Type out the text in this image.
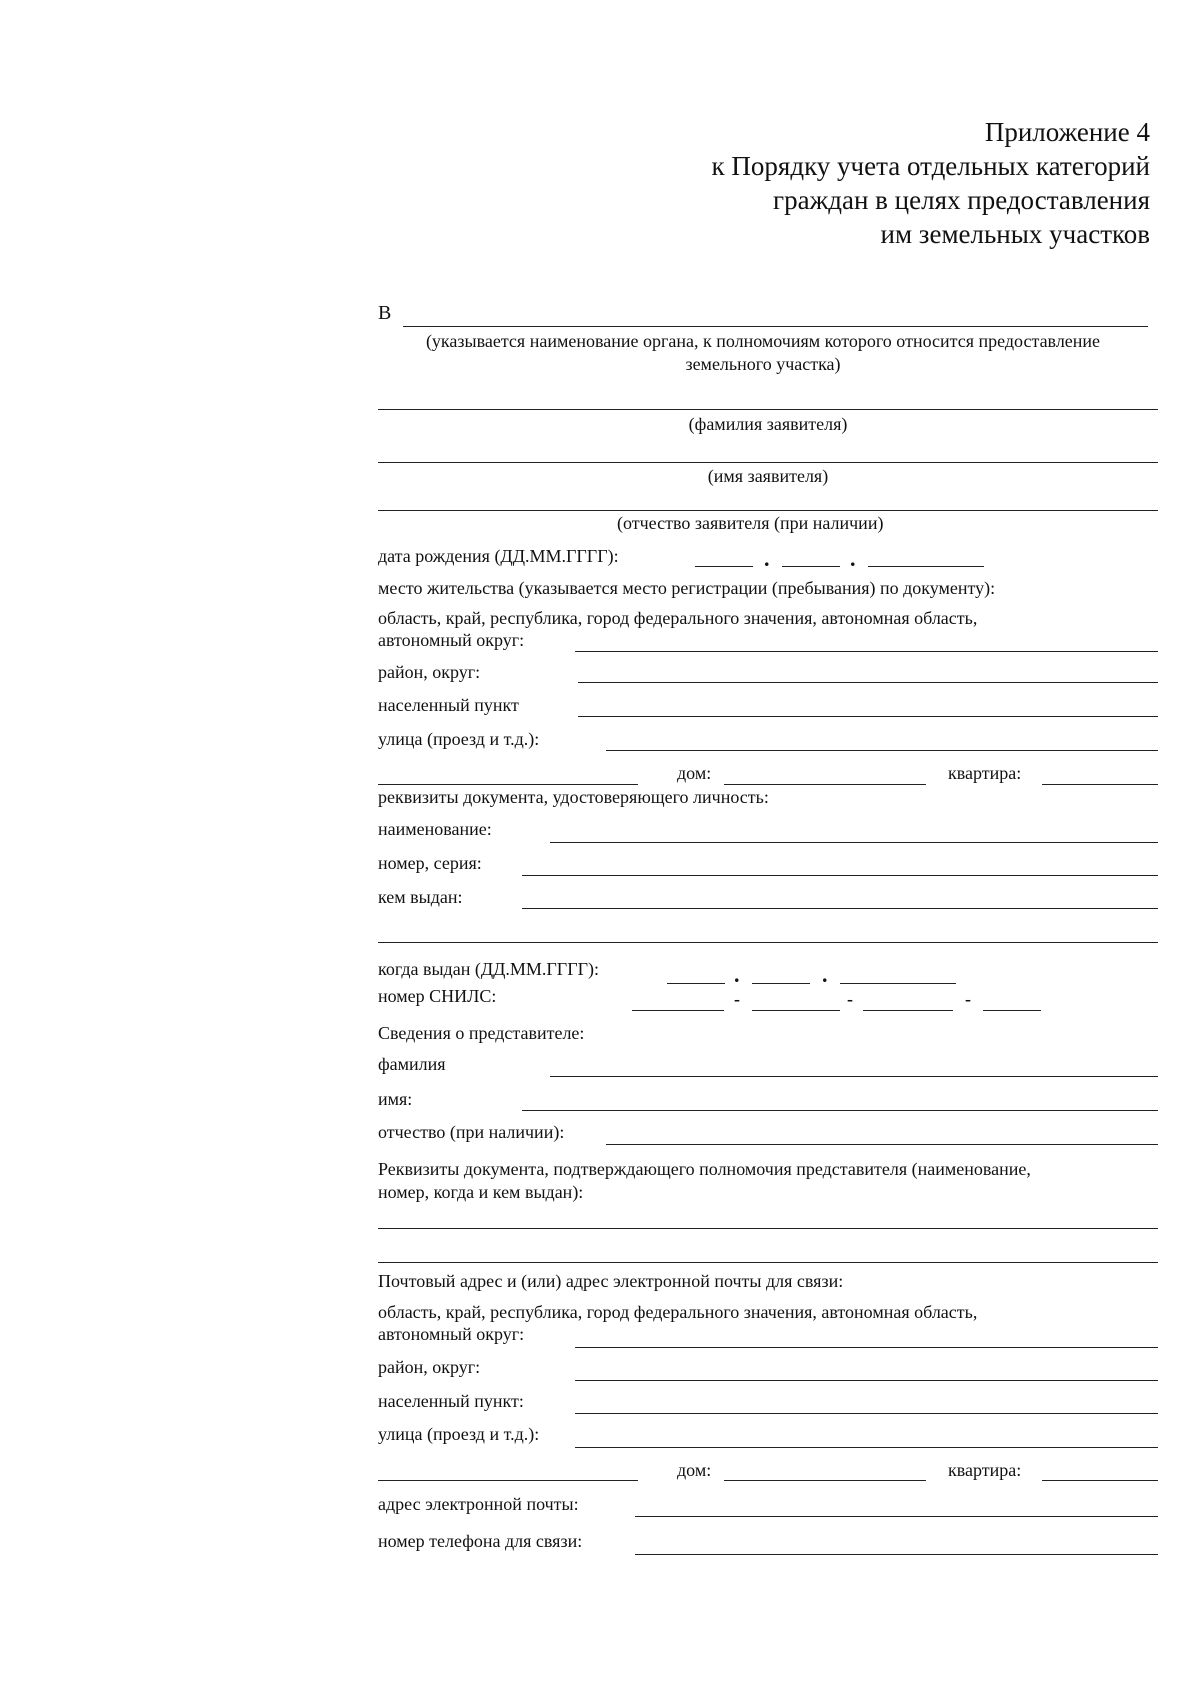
Приложение 4
к Порядку учета отдельных категорий
граждан в целях предоставления
им земельных участков
В
(указывается наименование органа, к полномочиям которого относится предоставление
земельного участка)
(фамилия заявителя)
(имя заявителя)
(отчество заявителя (при наличии)
дата рождения (ДД.ММ.ГГГГ):	.	.
место жительства (указывается место регистрации (пребывания) по документу):
область, край, республика, город федерального значения, автономная область,
автономный округ:
район, округ:
населенный пункт
улица (проезд и т.д.):
дом:	квартира:
реквизиты документа, удостоверяющего личность:
наименование:
номер, серия:
кем выдан:
когда выдан (ДД.ММ.ГГГГ):	.	.
номер СНИЛС:	-	-	-
Сведения о представителе:
фамилия
имя:
отчество (при наличии):
Реквизиты документа, подтверждающего полномочия представителя (наименование,
номер, когда и кем выдан):
Почтовый адрес и (или) адрес электронной почты для связи:
область, край, республика, город федерального значения, автономная область,
автономный округ:
район, округ:
населенный пункт:
улица (проезд и т.д.):
дом:	квартира:
адрес электронной почты:
номер телефона для связи:
